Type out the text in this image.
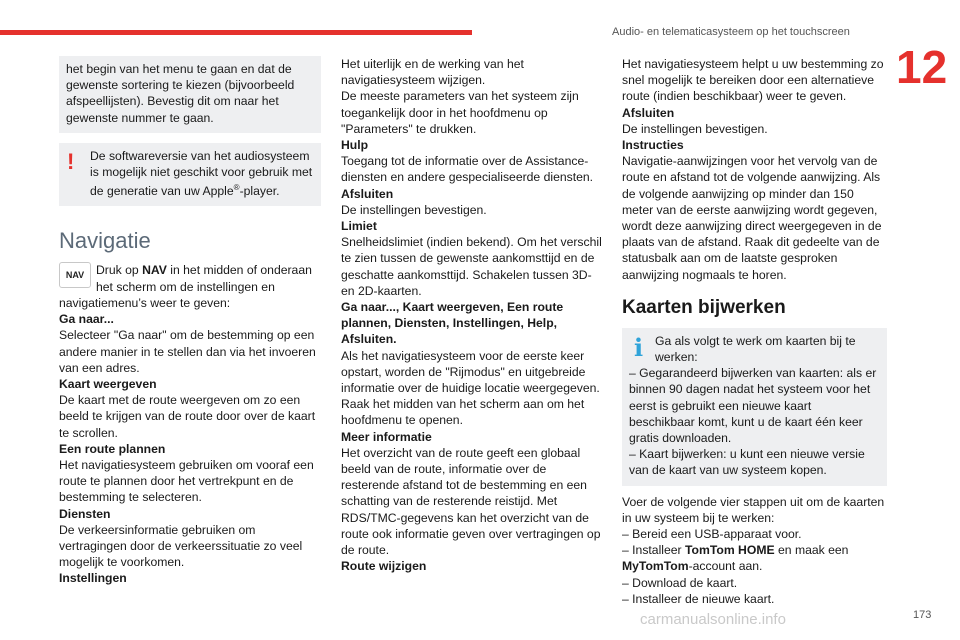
Audio- en telematicasysteem op het touchscreen
12

het begin van het menu te gaan en dat de gewenste sortering te kiezen (bijvoorbeeld afspeellijsten). Bevestig dit om naar het gewenste nummer te gaan.

!	De softwareversie van het audiosysteem is mogelijk niet geschikt voor gebruik met de generatie van uw Apple®-player.

Navigatie
NAV Druk op NAV in het midden of onderaan het scherm om de instellingen en navigatiemenu’s weer te geven:

Ga naar...

Selecteer "Ga naar" om de bestemming op een andere manier in te stellen dan via het invoeren van een adres.

Kaart weergeven

De kaart met de route weergeven om zo een beeld te krijgen van de route door over de kaart te scrollen.

Een route plannen

Het navigatiesysteem gebruiken om vooraf een route te plannen door het vertrekpunt en de bestemming te selecteren.

Diensten

De verkeersinformatie gebruiken om vertragingen door de verkeerssituatie zo veel mogelijk te voorkomen.

Instellingen

Het uiterlijk en de werking van het navigatiesysteem wijzigen.

De meeste parameters van het systeem zijn toegankelijk door in het hoofdmenu op "Parameters" te drukken.

Hulp

Toegang tot de informatie over de Assistance-diensten en andere gespecialiseerde diensten.

Afsluiten

De instellingen bevestigen.

Limiet

Snelheidslimiet (indien bekend). Om het verschil te zien tussen de gewenste aankomsttijd en de geschatte aankomsttijd. Schakelen tussen 3D- en 2D-kaarten.

Ga naar..., Kaart weergeven, Een route plannen, Diensten, Instellingen, Help, Afsluiten.

Als het navigatiesysteem voor de eerste keer opstart, worden de "Rijmodus" en uitgebreide informatie over de huidige locatie weergegeven. Raak het midden van het scherm aan om het hoofdmenu te openen.

Meer informatie

Het overzicht van de route geeft een globaal beeld van de route, informatie over de resterende afstand tot de bestemming en een schatting van de resterende reistijd. Met RDS/TMC-gegevens kan het overzicht van de route ook informatie geven over vertragingen op de route.

Route wijzigen

Het navigatiesysteem helpt u uw bestemming zo snel mogelijk te bereiken door een alternatieve route (indien beschikbaar) weer te geven.

Afsluiten

De instellingen bevestigen.

Instructies

Navigatie-aanwijzingen voor het vervolg van de route en afstand tot de volgende aanwijzing. Als de volgende aanwijzing op minder dan 150 meter van de eerste aanwijzing wordt gegeven, wordt deze aanwijzing direct weergegeven in de plaats van de afstand. Raak dit gedeelte van de statusbalk aan om de laatste gesproken aanwijzing nogmaals te horen.

Kaarten bijwerken
i Ga als volgt te werk om kaarten bij te werken:

– Gegarandeerd bijwerken van kaarten: als er binnen 90 dagen nadat het systeem voor het eerst is gebruikt een nieuwe kaart beschikbaar komt, kunt u de kaart één keer gratis downloaden.

– Kaart bijwerken: u kunt een nieuwe versie van de kaart van uw systeem kopen.

Voer de volgende vier stappen uit om de kaarten in uw systeem bij te werken:

– Bereid een USB-apparaat voor.

– Installeer TomTom HOME en maak een MyTomTom-account aan.

– Download de kaart.

– Installeer de nieuwe kaart.

carmanualsonline.info	173
